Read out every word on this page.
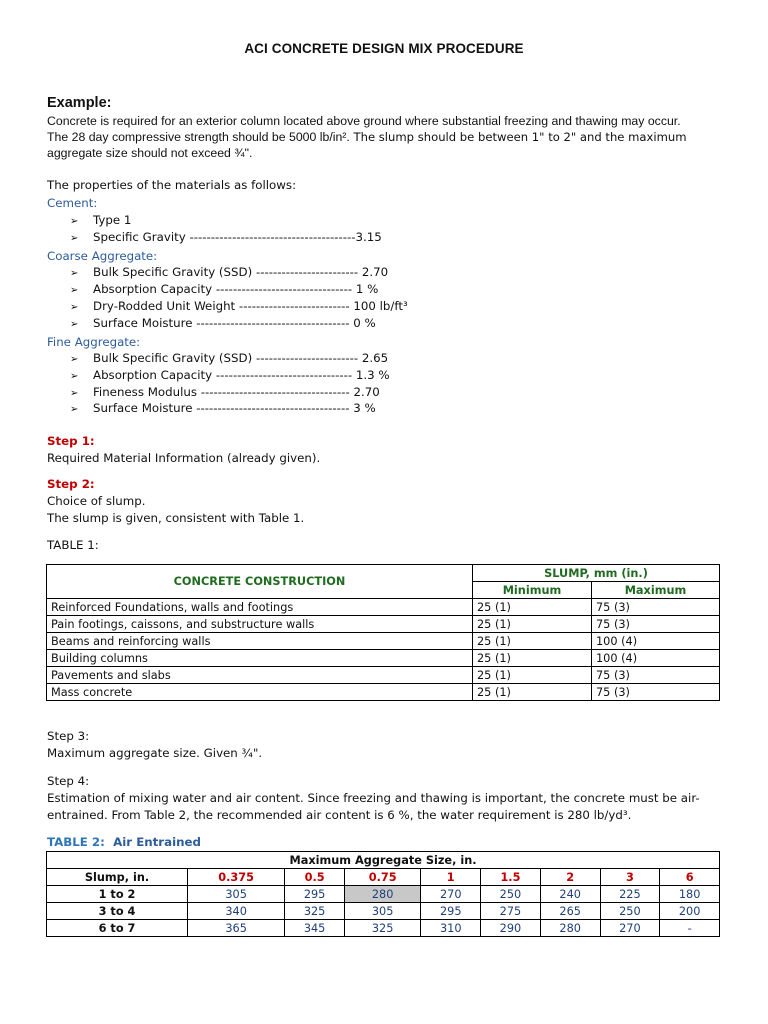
ACI CONCRETE DESIGN MIX PROCEDURE
Example:
Concrete is required for an exterior column located above ground where substantial freezing and thawing may occur.
The 28 day compressive strength should be 5000 lb/in². The slump should be between 1" to 2" and the maximum
aggregate size should not exceed ¾".
The properties of the materials as follows:
Cement:
➢ Type 1
➢ Specific Gravity ---------------------------------------3.15
Coarse Aggregate:
➢ Bulk Specific Gravity (SSD) ------------------------ 2.70
➢ Absorption Capacity -------------------------------- 1 %
➢ Dry-Rodded Unit Weight -------------------------- 100 lb/ft³
➢ Surface Moisture ------------------------------------ 0 %
Fine Aggregate:
➢ Bulk Specific Gravity (SSD) ------------------------ 2.65
➢ Absorption Capacity -------------------------------- 1.3 %
➢ Fineness Modulus ----------------------------------- 2.70
➢ Surface Moisture ------------------------------------ 3 %
Step 1:
Required Material Information (already given).
Step 2:
Choice of slump.
The slump is given, consistent with Table 1.
TABLE 1:
CONCRETE CONSTRUCTION	SLUMP, mm (in.)	
	Minimum	Maximum
Reinforced Foundations, walls and footings	25 (1)	75 (3)
Pain footings, caissons, and substructure walls	25 (1)	75 (3)
Beams and reinforcing walls	25 (1)	100 (4)
Building columns	25 (1)	100 (4)
Pavements and slabs	25 (1)	75 (3)
Mass concrete	25 (1)	75 (3)
Step 3:
Maximum aggregate size. Given ¾".
Step 4:
Estimation of mixing water and air content. Since freezing and thawing is important, the concrete must be air-
entrained. From Table 2, the recommended air content is 6 %, the water requirement is 280 lb/yd³.
TABLE 2: Air Entrained
Maximum Aggregate Size, in.								
Slump, in.	0.375	0.5	0.75	1	1.5	2	3	6
1 to 2	305	295	280	270	250	240	225	180
3 to 4	340	325	305	295	275	265	250	200
6 to 7	365	345	325	310	290	280	270	-
